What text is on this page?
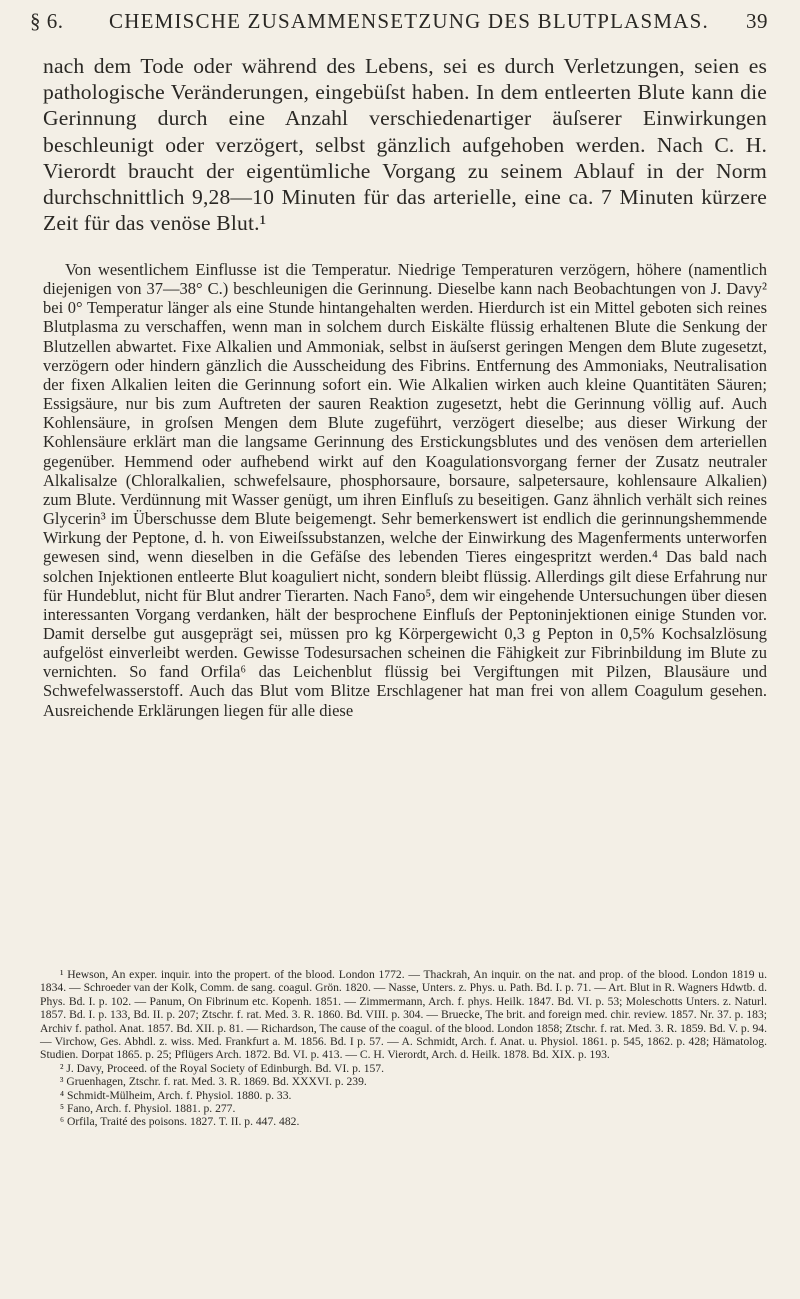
§ 6.	CHEMISCHE ZUSAMMENSETZUNG DES BLUTPLASMAS.	39
nach dem Tode oder während des Lebens, sei es durch Verletzungen, seien es pathologische Veränderungen, eingebüſst haben. In dem entleerten Blute kann die Gerinnung durch eine Anzahl verschiedenartiger äuſserer Einwirkungen beschleunigt oder verzögert, selbst gänzlich aufgehoben werden. Nach C. H. Vierordt braucht der eigentümliche Vorgang zu seinem Ablauf in der Norm durchschnittlich 9,28—10 Minuten für das arterielle, eine ca. 7 Minuten kürzere Zeit für das venöse Blut.¹
Von wesentlichem Einflusse ist die Temperatur. Niedrige Temperaturen verzögern, höhere (namentlich diejenigen von 37—38° C.) beschleunigen die Gerinnung. Dieselbe kann nach Beobachtungen von J. Davy² bei 0° Temperatur länger als eine Stunde hintangehalten werden. Hierdurch ist ein Mittel geboten sich reines Blutplasma zu verschaffen, wenn man in solchem durch Eiskälte flüssig erhaltenen Blute die Senkung der Blutzellen abwartet. Fixe Alkalien und Ammoniak, selbst in äuſserst geringen Mengen dem Blute zugesetzt, verzögern oder hindern gänzlich die Ausscheidung des Fibrins. Entfernung des Ammoniaks, Neutralisation der fixen Alkalien leiten die Gerinnung sofort ein. Wie Alkalien wirken auch kleine Quantitäten Säuren; Essigsäure, nur bis zum Auftreten der sauren Reaktion zugesetzt, hebt die Gerinnung völlig auf. Auch Kohlensäure, in groſsen Mengen dem Blute zugeführt, verzögert dieselbe; aus dieser Wirkung der Kohlensäure erklärt man die langsame Gerinnung des Erstickungsblutes und des venösen dem arteriellen gegenüber. Hemmend oder aufhebend wirkt auf den Koagulationsvorgang ferner der Zusatz neutraler Alkalisalze (Chloralkalien, schwefelsaure, phosphorsaure, borsaure, salpetersaure, kohlensaure Alkalien) zum Blute. Verdünnung mit Wasser genügt, um ihren Einfluſs zu beseitigen. Ganz ähnlich verhält sich reines Glycerin³ im Überschusse dem Blute beigemengt. Sehr bemerkenswert ist endlich die gerinnungshemmende Wirkung der Peptone, d. h. von Eiweiſssubstanzen, welche der Einwirkung des Magenferments unterworfen gewesen sind, wenn dieselben in die Gefäſse des lebenden Tieres eingespritzt werden.⁴ Das bald nach solchen Injektionen entleerte Blut koaguliert nicht, sondern bleibt flüssig. Allerdings gilt diese Erfahrung nur für Hundeblut, nicht für Blut andrer Tierarten. Nach Fano⁵, dem wir eingehende Untersuchungen über diesen interessanten Vorgang verdanken, hält der besprochene Einfluſs der Peptoninjektionen einige Stunden vor. Damit derselbe gut ausgeprägt sei, müssen pro kg Körpergewicht 0,3 g Pepton in 0,5% Kochsalzlösung aufgelöst einverleibt werden. Gewisse Todesursachen scheinen die Fähigkeit zur Fibrinbildung im Blute zu vernichten. So fand Orfila⁶ das Leichenblut flüssig bei Vergiftungen mit Pilzen, Blausäure und Schwefelwasserstoff. Auch das Blut vom Blitze Erschlagener hat man frei von allem Coagulum gesehen. Ausreichende Erklärungen liegen für alle diese

¹ Hewson, An exper. inquir. into the propert. of the blood. London 1772. — Thackrah, An inquir. on the nat. and prop. of the blood. London 1819 u. 1834. — Schroeder van der Kolk, Comm. de sang. coagul. Grön. 1820. — Nasse, Unters. z. Phys. u. Path. Bd. I. p. 71. — Art. Blut in R. Wagners Hdwtb. d. Phys. Bd. I. p. 102. — Panum, On Fibrinum etc. Kopenh. 1851. — Zimmermann, Arch. f. phys. Heilk. 1847. Bd. VI. p. 53; Moleschotts Unters. z. Naturl. 1857. Bd. I. p. 133, Bd. II. p. 207; Ztschr. f. rat. Med. 3. R. 1860. Bd. VIII. p. 304. — Bruecke, The brit. and foreign med. chir. review. 1857. Nr. 37. p. 183; Archiv f. pathol. Anat. 1857. Bd. XII. p. 81. — Richardson, The cause of the coagul. of the blood. London 1858; Ztschr. f. rat. Med. 3. R. 1859. Bd. V. p. 94. — Virchow, Ges. Abhdl. z. wiss. Med. Frankfurt a. M. 1856. Bd. I p. 57. — A. Schmidt, Arch. f. Anat. u. Physiol. 1861. p. 545, 1862. p. 428; Hämatolog. Studien. Dorpat 1865. p. 25; Pflügers Arch. 1872. Bd. VI. p. 413. — C. H. Vierordt, Arch. d. Heilk. 1878. Bd. XIX. p. 193.

² J. Davy, Proceed. of the Royal Society of Edinburgh. Bd. VI. p. 157.

³ Gruenhagen, Ztschr. f. rat. Med. 3. R. 1869. Bd. XXXVI. p. 239.

⁴ Schmidt-Mülheim, Arch. f. Physiol. 1880. p. 33.

⁵ Fano, Arch. f. Physiol. 1881. p. 277.

⁶ Orfila, Traité des poisons. 1827. T. II. p. 447. 482.
